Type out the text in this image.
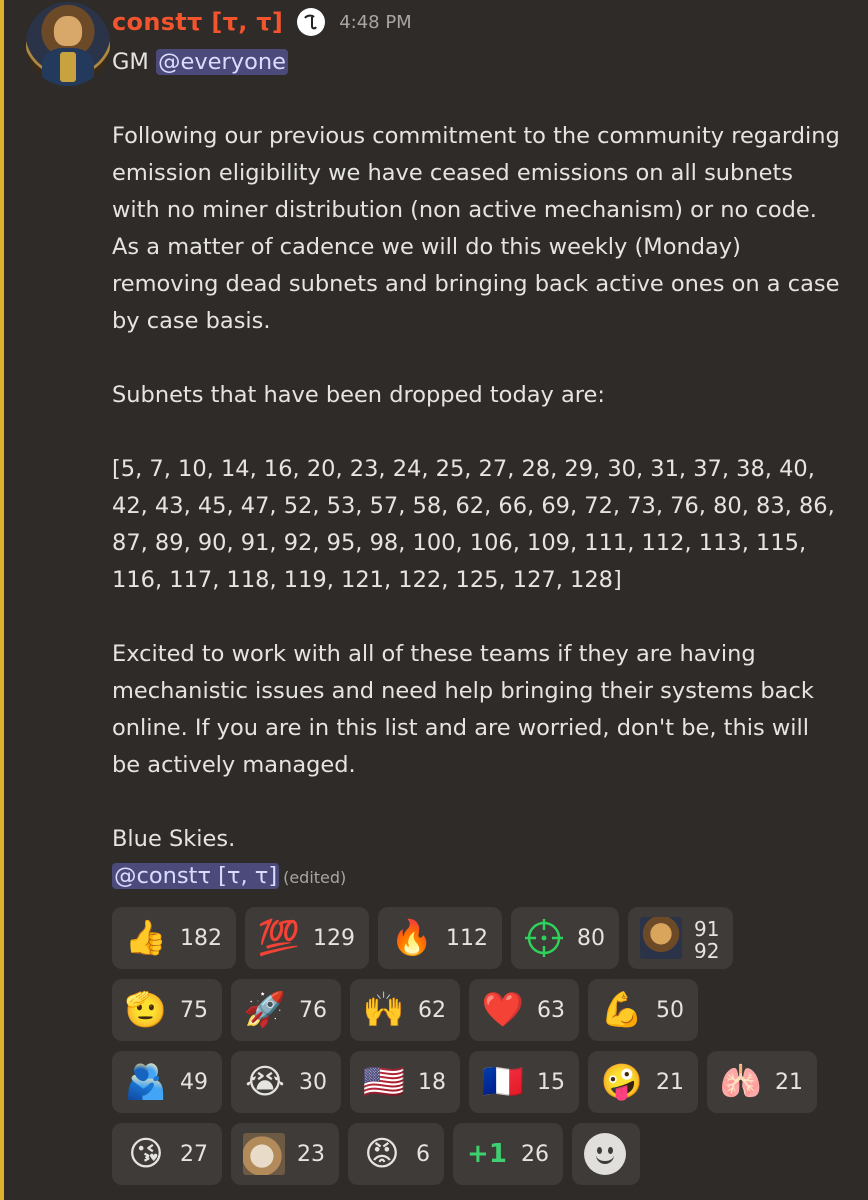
constτ [τ, τ]	4:48 PM

GM @everyone

Following our previous commitment to the community regarding emission eligibility we have ceased emissions on all subnets with no miner distribution (non active mechanism) or no code. As a matter of cadence we will do this weekly (Monday) removing dead subnets and bringing back active ones on a case by case basis.

Subnets that have been dropped today are:

[5, 7, 10, 14, 16, 20, 23, 24, 25, 27, 28, 29, 30, 31, 37, 38, 40, 42, 43, 45, 47, 52, 53, 57, 58, 62, 66, 69, 72, 73, 76, 80, 83, 86, 87, 89, 90, 91, 92, 95, 98, 100, 106, 109, 111, 112, 113, 115, 116, 117, 118, 119, 121, 122, 125, 127, 128]

Excited to work with all of these teams if they are having mechanistic issues and need help bringing their systems back online. If you are in this list and are worried, don't be, this will be actively managed.

Blue Skies.

@constτ [τ, τ] (edited)

👍 182 💯 129 🔥 112	80	91
92
🫡 75 🚀 76 🙌 62 ❤️ 63 💪 50
🫂 49 😭 30 🇺🇸 18 🇫🇷 15 🤪 21 🫁 21
😘 27	23 😡 6 +1 26
